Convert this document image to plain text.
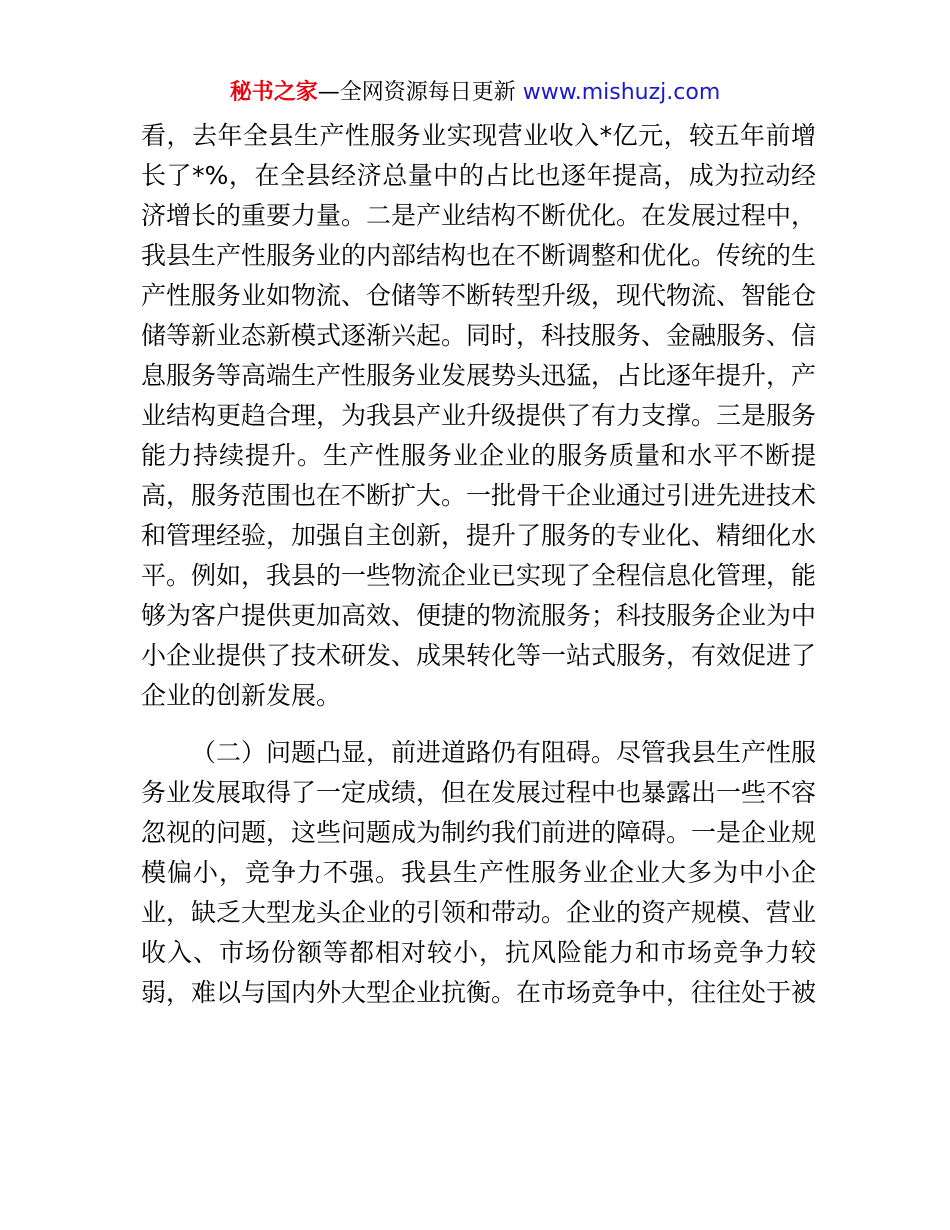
秘书之家—全网资源每日更新 www.mishuzj.com
看，去年全县生产性服务业实现营业收入*亿元，较五年前增
长了*%，在全县经济总量中的占比也逐年提高，成为拉动经
济增长的重要力量。二是产业结构不断优化。在发展过程中，
我县生产性服务业的内部结构也在不断调整和优化。传统的生
产性服务业如物流、仓储等不断转型升级，现代物流、智能仓
储等新业态新模式逐渐兴起。同时，科技服务、金融服务、信
息服务等高端生产性服务业发展势头迅猛，占比逐年提升，产
业结构更趋合理，为我县产业升级提供了有力支撑。三是服务
能力持续提升。生产性服务业企业的服务质量和水平不断提
高，服务范围也在不断扩大。一批骨干企业通过引进先进技术
和管理经验，加强自主创新，提升了服务的专业化、精细化水
平。例如，我县的一些物流企业已实现了全程信息化管理，能
够为客户提供更加高效、便捷的物流服务；科技服务企业为中
小企业提供了技术研发、成果转化等一站式服务，有效促进了
企业的创新发展。
（二）问题凸显，前进道路仍有阻碍。尽管我县生产性服
务业发展取得了一定成绩，但在发展过程中也暴露出一些不容
忽视的问题，这些问题成为制约我们前进的障碍。一是企业规
模偏小，竞争力不强。我县生产性服务业企业大多为中小企
业，缺乏大型龙头企业的引领和带动。企业的资产规模、营业
收入、市场份额等都相对较小，抗风险能力和市场竞争力较
弱，难以与国内外大型企业抗衡。在市场竞争中，往往处于被
